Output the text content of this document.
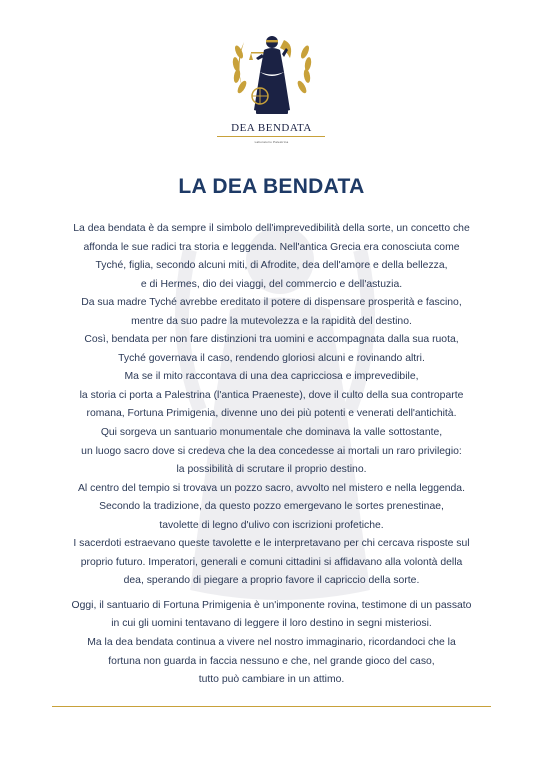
DEA BENDATA
Laboratorio Palestrina
LA DEA BENDATA
La dea bendata è da sempre il simbolo dell'imprevedibilità della sorte, un concetto che
affonda le sue radici tra storia e leggenda. Nell'antica Grecia era conosciuta come
Tyché, figlia, secondo alcuni miti, di Afrodite, dea dell'amore e della bellezza,
e di Hermes, dio dei viaggi, del commercio e dell'astuzia.
Da sua madre Tyché avrebbe ereditato il potere di dispensare prosperità e fascino,
mentre da suo padre la mutevolezza e la rapidità del destino.
Così, bendata per non fare distinzioni tra uomini e accompagnata dalla sua ruota,
Tyché governava il caso, rendendo gloriosi alcuni e rovinando altri.
Ma se il mito raccontava di una dea capricciosa e imprevedibile,
la storia ci porta a Palestrina (l'antica Praeneste), dove il culto della sua controparte
romana, Fortuna Primigenia, divenne uno dei più potenti e venerati dell'antichità.
Qui sorgeva un santuario monumentale che dominava la valle sottostante,
un luogo sacro dove si credeva che la dea concedesse ai mortali un raro privilegio:
la possibilità di scrutare il proprio destino.
Al centro del tempio si trovava un pozzo sacro, avvolto nel mistero e nella leggenda.
Secondo la tradizione, da questo pozzo emergevano le sortes prenestinae,
tavolette di legno d'ulivo con iscrizioni profetiche.
I sacerdoti estraevano queste tavolette e le interpretavano per chi cercava risposte sul
proprio futuro. Imperatori, generali e comuni cittadini si affidavano alla volontà della
dea, sperando di piegare a proprio favore il capriccio della sorte.
Oggi, il santuario di Fortuna Primigenia è un'imponente rovina, testimone di un passato
in cui gli uomini tentavano di leggere il loro destino in segni misteriosi.
Ma la dea bendata continua a vivere nel nostro immaginario, ricordandoci che la
fortuna non guarda in faccia nessuno e che, nel grande gioco del caso,
tutto può cambiare in un attimo.
